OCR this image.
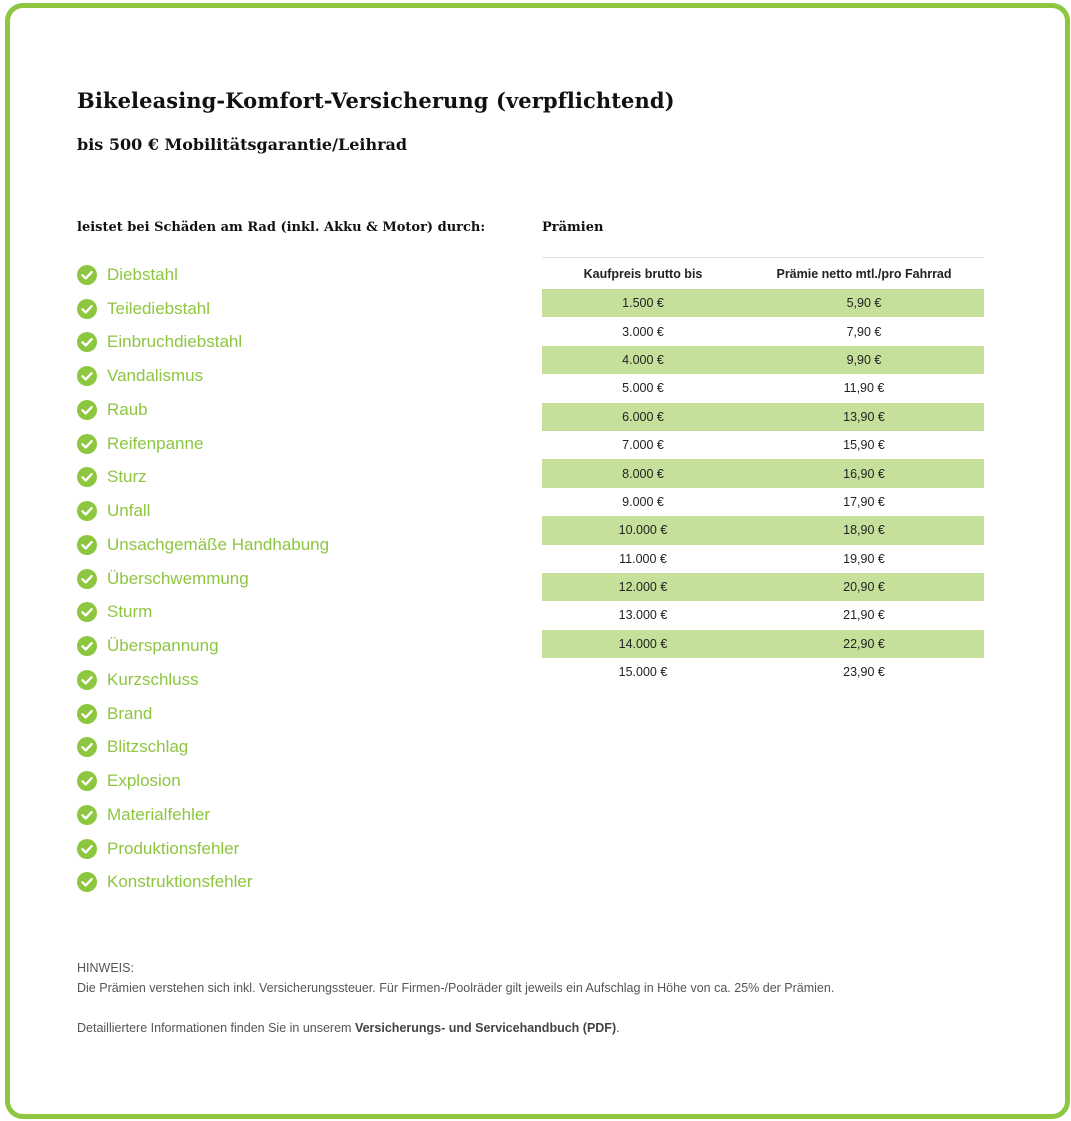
Bikeleasing-Komfort-Versicherung (verpflichtend)
bis 500 € Mobilitätsgarantie/Leihrad
leistet bei Schäden am Rad (inkl. Akku & Motor) durch:
Diebstahl
Teilediebstahl
Einbruchdiebstahl
Vandalismus
Raub
Reifenpanne
Sturz
Unfall
Unsachgemäße Handhabung
Überschwemmung
Sturm
Überspannung
Kurzschluss
Brand
Blitzschlag
Explosion
Materialfehler
Produktionsfehler
Konstruktionsfehler
Prämien
Kaufpreis brutto bis	Prämie netto mtl./pro Fahrrad
1.500 €	5,90 €
3.000 €	7,90 €
4.000 €	9,90 €
5.000 €	11,90 €
6.000 €	13,90 €
7.000 €	15,90 €
8.000 €	16,90 €
9.000 €	17,90 €
10.000 €	18,90 €
11.000 €	19,90 €
12.000 €	20,90 €
13.000 €	21,90 €
14.000 €	22,90 €
15.000 €	23,90 €

HINWEIS:

Die Prämien verstehen sich inkl. Versicherungssteuer. Für Firmen-/Poolräder gilt jeweils ein Aufschlag in Höhe von ca. 25% der Prämien.

Detailliertere Informationen finden Sie in unserem Versicherungs- und Servicehandbuch (PDF).
